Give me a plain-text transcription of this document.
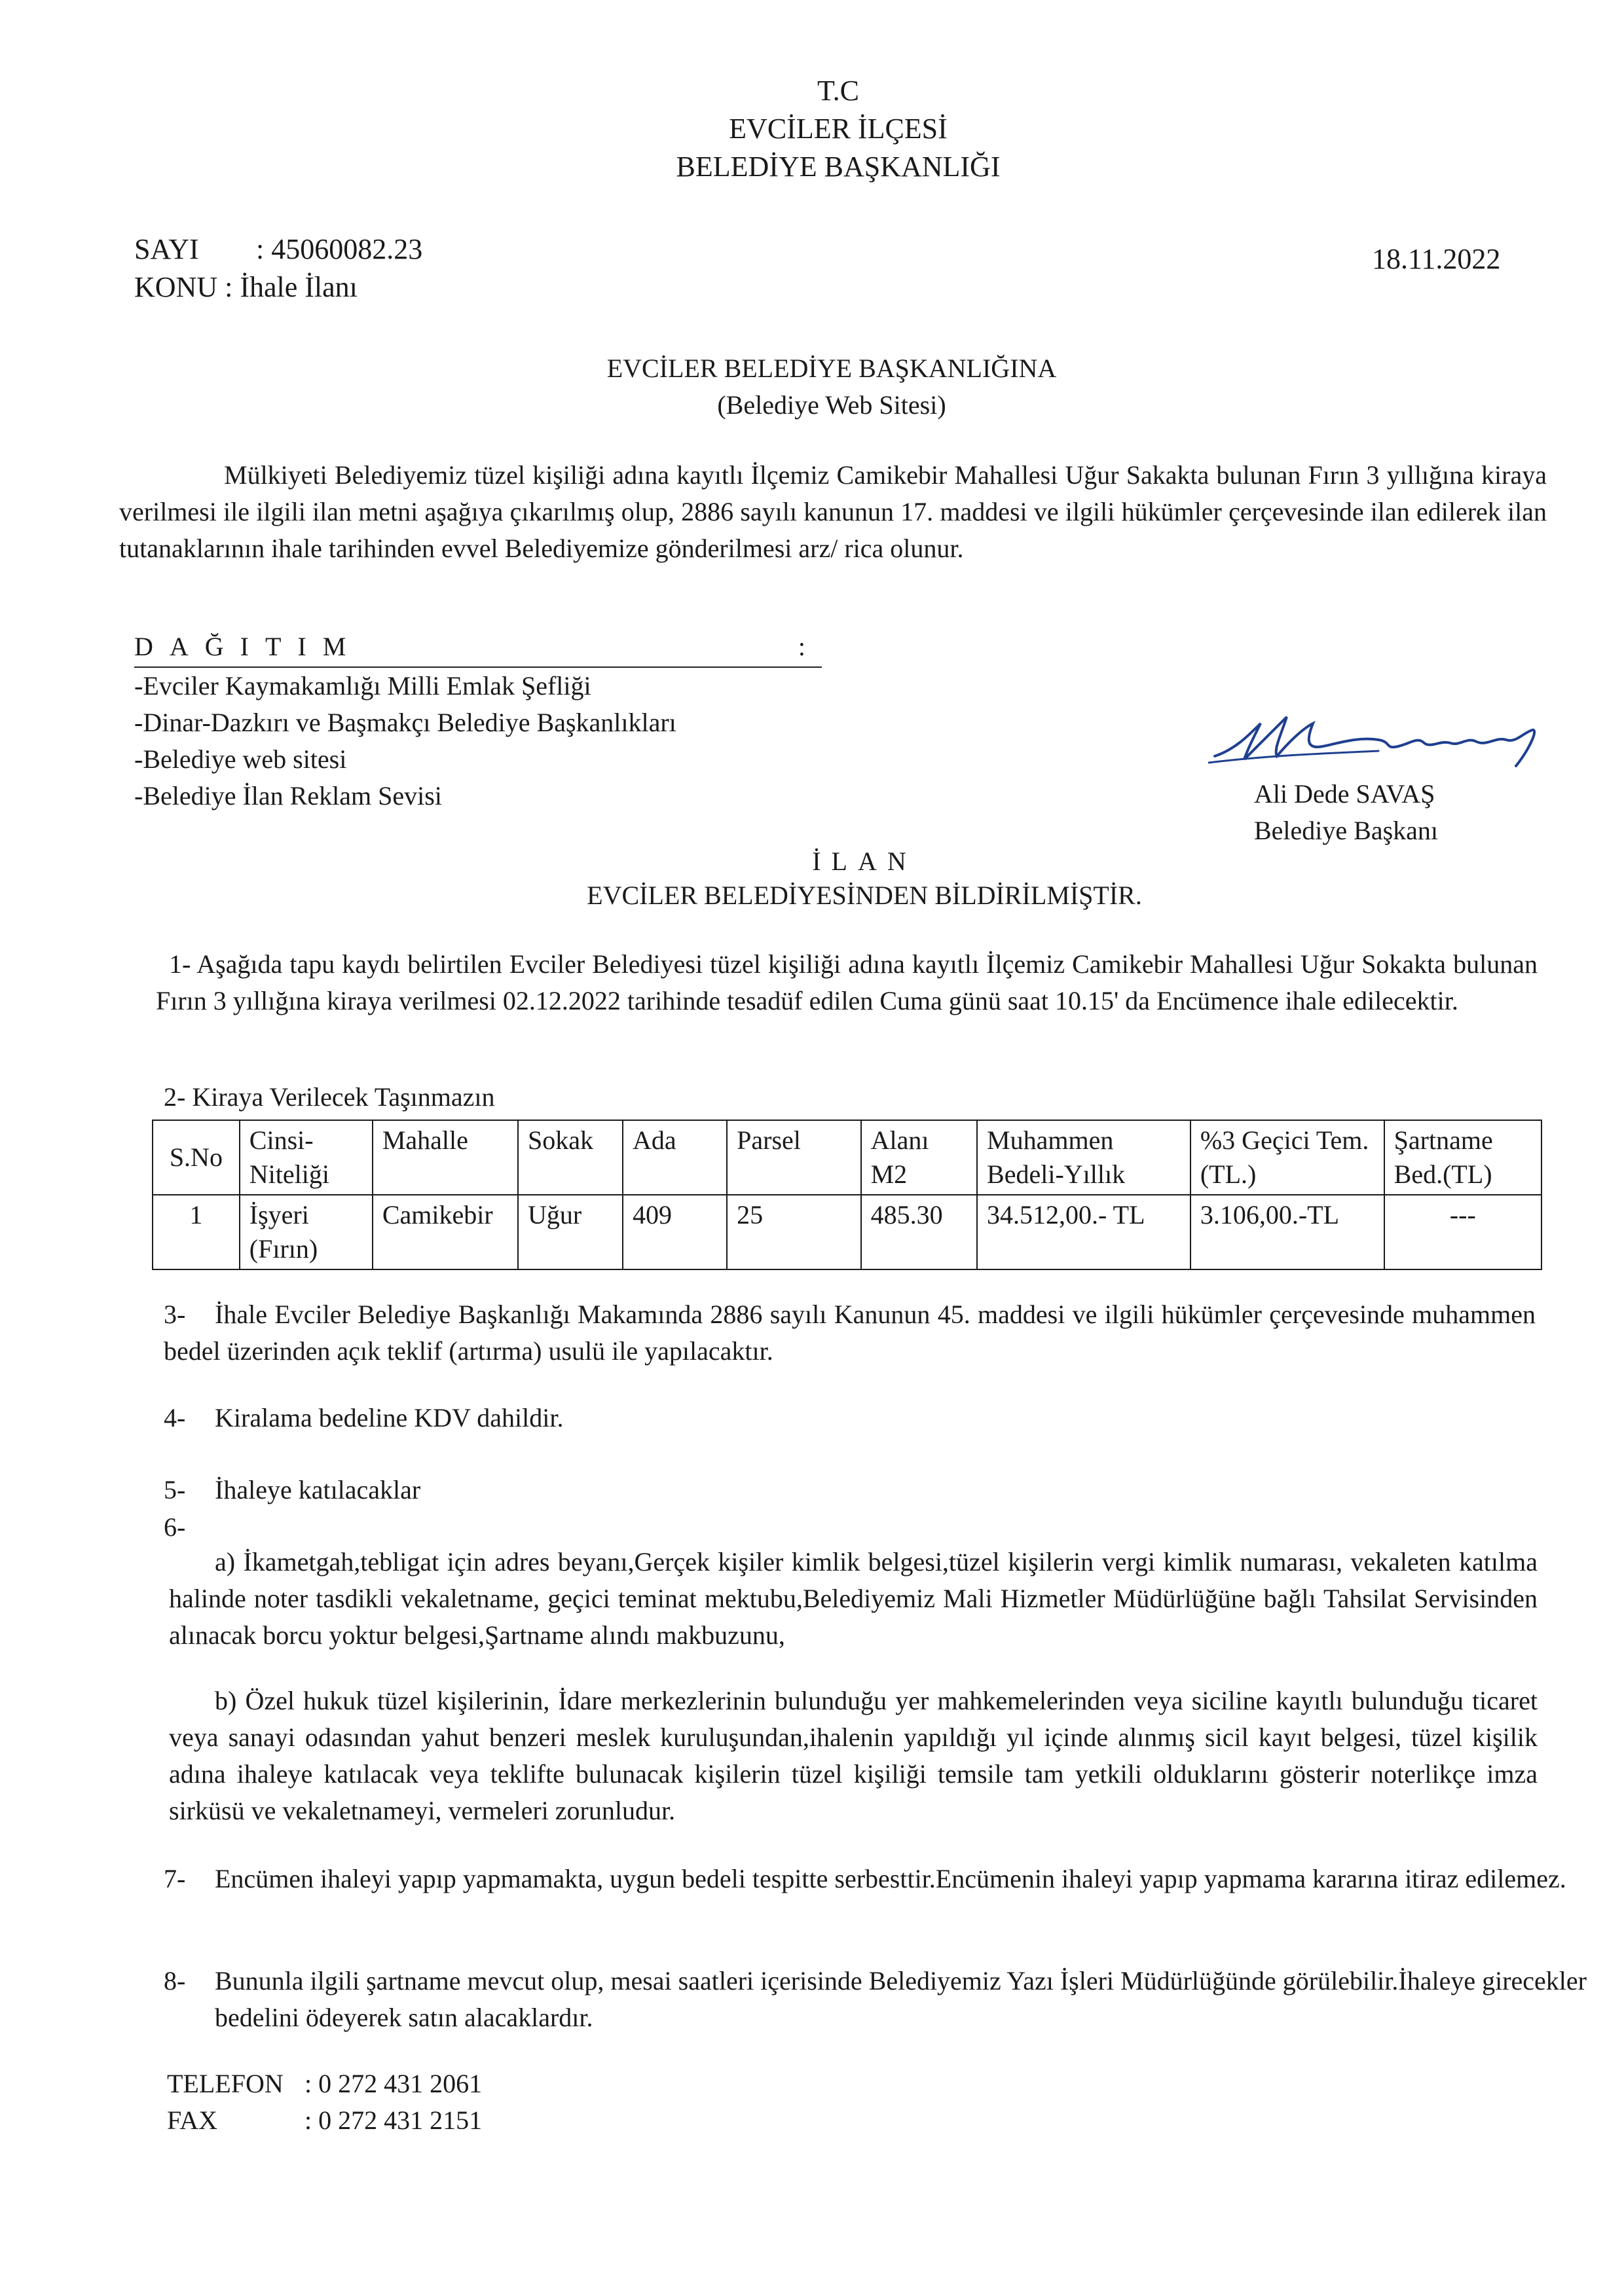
T.C
EVCİLER İLÇESİ
BELEDİYE BAŞKANLIĞI
SAYI : 45060082.23
KONU : İhale İlanı
18.11.2022
EVCİLER BELEDİYE BAŞKANLIĞINA
(Belediye Web Sitesi)
Mülkiyeti Belediyemiz tüzel kişiliği adına kayıtlı İlçemiz Camikebir Mahallesi Uğur Sakakta bulunan Fırın 3 yıllığına kiraya verilmesi ile ilgili ilan metni aşağıya çıkarılmış olup, 2886 sayılı kanunun 17. maddesi ve ilgili hükümler çerçevesinde ilan edilerek ilan tutanaklarının ihale tarihinden evvel Belediyemize gönderilmesi arz/ rica olunur.
DAĞITIM	:
-Evciler Kaymakamlığı Milli Emlak Şefliği
-Dinar-Dazkırı ve Başmakçı Belediye Başkanlıkları
-Belediye web sitesi
-Belediye İlan Reklam Sevisi	Ali Dede SAVAŞ
Belediye Başkanı
İLAN
EVCİLER BELEDİYESİNDEN BİLDİRİLMİŞTİR.
1- Aşağıda tapu kaydı belirtilen Evciler Belediyesi tüzel kişiliği adına kayıtlı İlçemiz Camikebir Mahallesi Uğur Sokakta bulunan Fırın 3 yıllığına kiraya verilmesi 02.12.2022 tarihinde tesadüf edilen Cuma günü saat 10.15' da Encümence ihale edilecektir.
2- Kiraya Verilecek Taşınmazın
S.No	Cinsi-Niteliği	Mahalle	Sokak	Ada	Parsel	Alanı M2	Muhammen Bedeli-Yıllık	%3 Geçici Tem.(TL.)	Şartname Bed.(TL)
1	İşyeri (Fırın)	Camikebir	Uğur	409	25	485.30	34.512,00.- TL	3.106,00.-TL	---
3- İhale Evciler Belediye Başkanlığı Makamında 2886 sayılı Kanunun 45. maddesi ve ilgili hükümler çerçevesinde muhammen bedel üzerinden açık teklif (artırma) usulü ile yapılacaktır.
4- Kiralama bedeline KDV dahildir.
5- İhaleye katılacaklar
6-
a) İkametgah,tebligat için adres beyanı,Gerçek kişiler kimlik belgesi,tüzel kişilerin vergi kimlik numarası, vekaleten katılma halinde noter tasdikli vekaletname, geçici teminat mektubu,Belediyemiz Mali Hizmetler Müdürlüğüne bağlı Tahsilat Servisinden alınacak borcu yoktur belgesi,Şartname alındı makbuzunu,
b) Özel hukuk tüzel kişilerinin, İdare merkezlerinin bulunduğu yer mahkemelerinden veya siciline kayıtlı bulunduğu ticaret veya sanayi odasından yahut benzeri meslek kuruluşundan,ihalenin yapıldığı yıl içinde alınmış sicil kayıt belgesi, tüzel kişilik adına ihaleye katılacak veya teklifte bulunacak kişilerin tüzel kişiliği temsile tam yetkili olduklarını gösterir noterlikçe imza sirküsü ve vekaletnameyi, vermeleri zorunludur.
7- Encümen ihaleyi yapıp yapmamakta, uygun bedeli tespitte serbesttir.Encümenin ihaleyi yapıp yapmama kararına itiraz edilemez.
8- Bununla ilgili şartname mevcut olup, mesai saatleri içerisinde Belediyemiz Yazı İşleri Müdürlüğünde görülebilir.İhaleye girecekler bedelini ödeyerek satın alacaklardır.
TELEFON : 0 272 431 2061
FAX	: 0 272 431 2151
